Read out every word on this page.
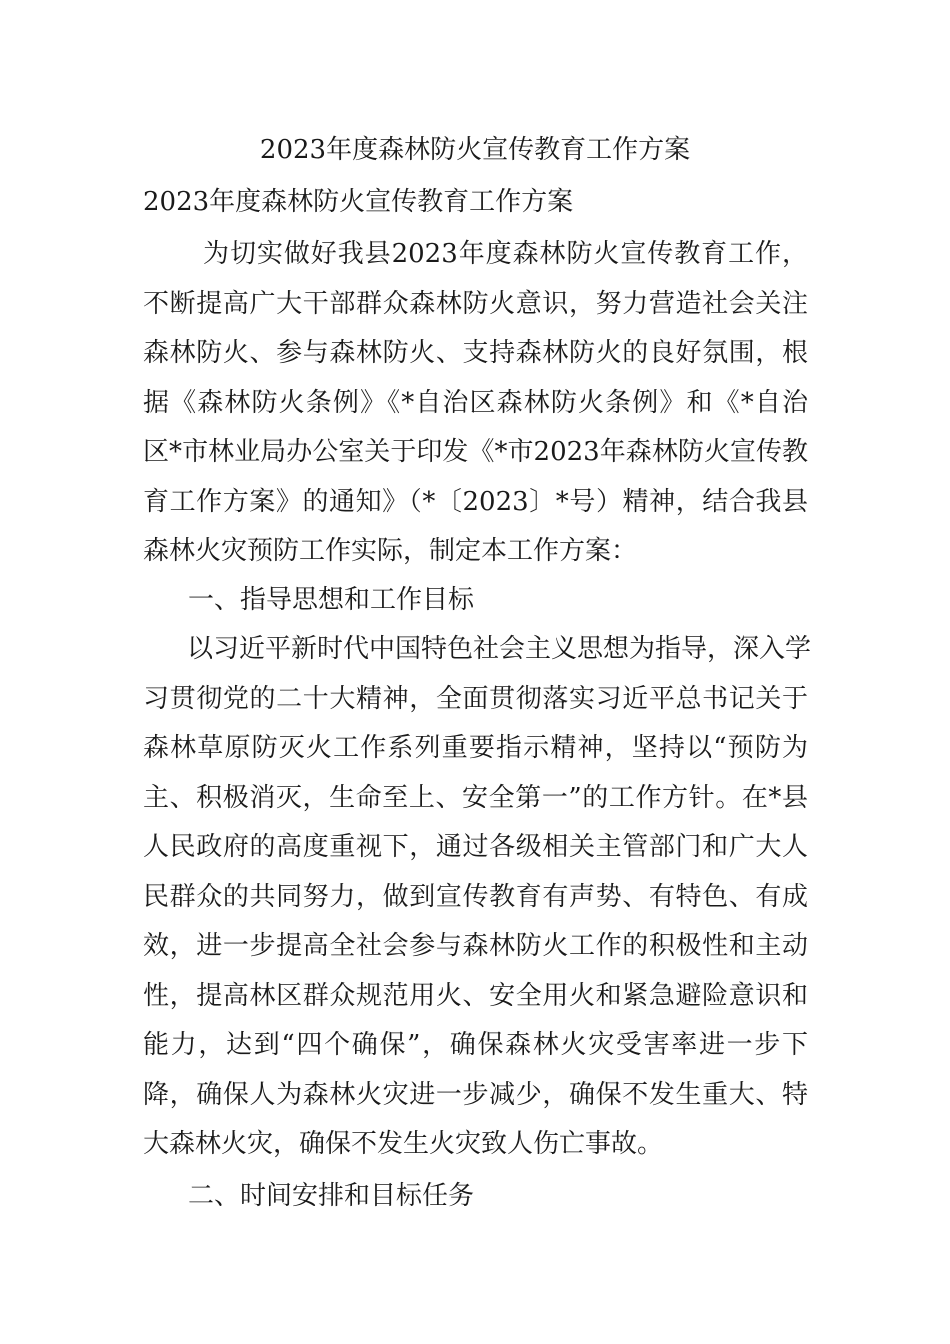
2023年度森林防火宣传教育工作方案
2023年度森林防火宣传教育工作方案

为切实做好我县2023年度森林防火宣传教育工作，
不断提高广大干部群众森林防火意识，努力营造社会关注
森林防火、参与森林防火、支持森林防火的良好氛围，根
据《森林防火条例》《*自治区森林防火条例》和《*自治
区*市林业局办公室关于印发《*市2023年森林防火宣传教
育工作方案》的通知》（*〔2023〕*号）精神，结合我县
森林火灾预防工作实际，制定本工作方案：

一、指导思想和工作目标

以习近平新时代中国特色社会主义思想为指导，深入学
习贯彻党的二十大精神，全面贯彻落实习近平总书记关于
森林草原防灭火工作系列重要指示精神，坚持以“预防为
主、积极消灭，生命至上、安全第一”的工作方针。在*县
人民政府的高度重视下，通过各级相关主管部门和广大人
民群众的共同努力，做到宣传教育有声势、有特色、有成
效，进一步提高全社会参与森林防火工作的积极性和主动
性，提高林区群众规范用火、安全用火和紧急避险意识和
能力，达到“四个确保”，确保森林火灾受害率进一步下
降，确保人为森林火灾进一步减少，确保不发生重大、特
大森林火灾，确保不发生火灾致人伤亡事故。

二、时间安排和目标任务
